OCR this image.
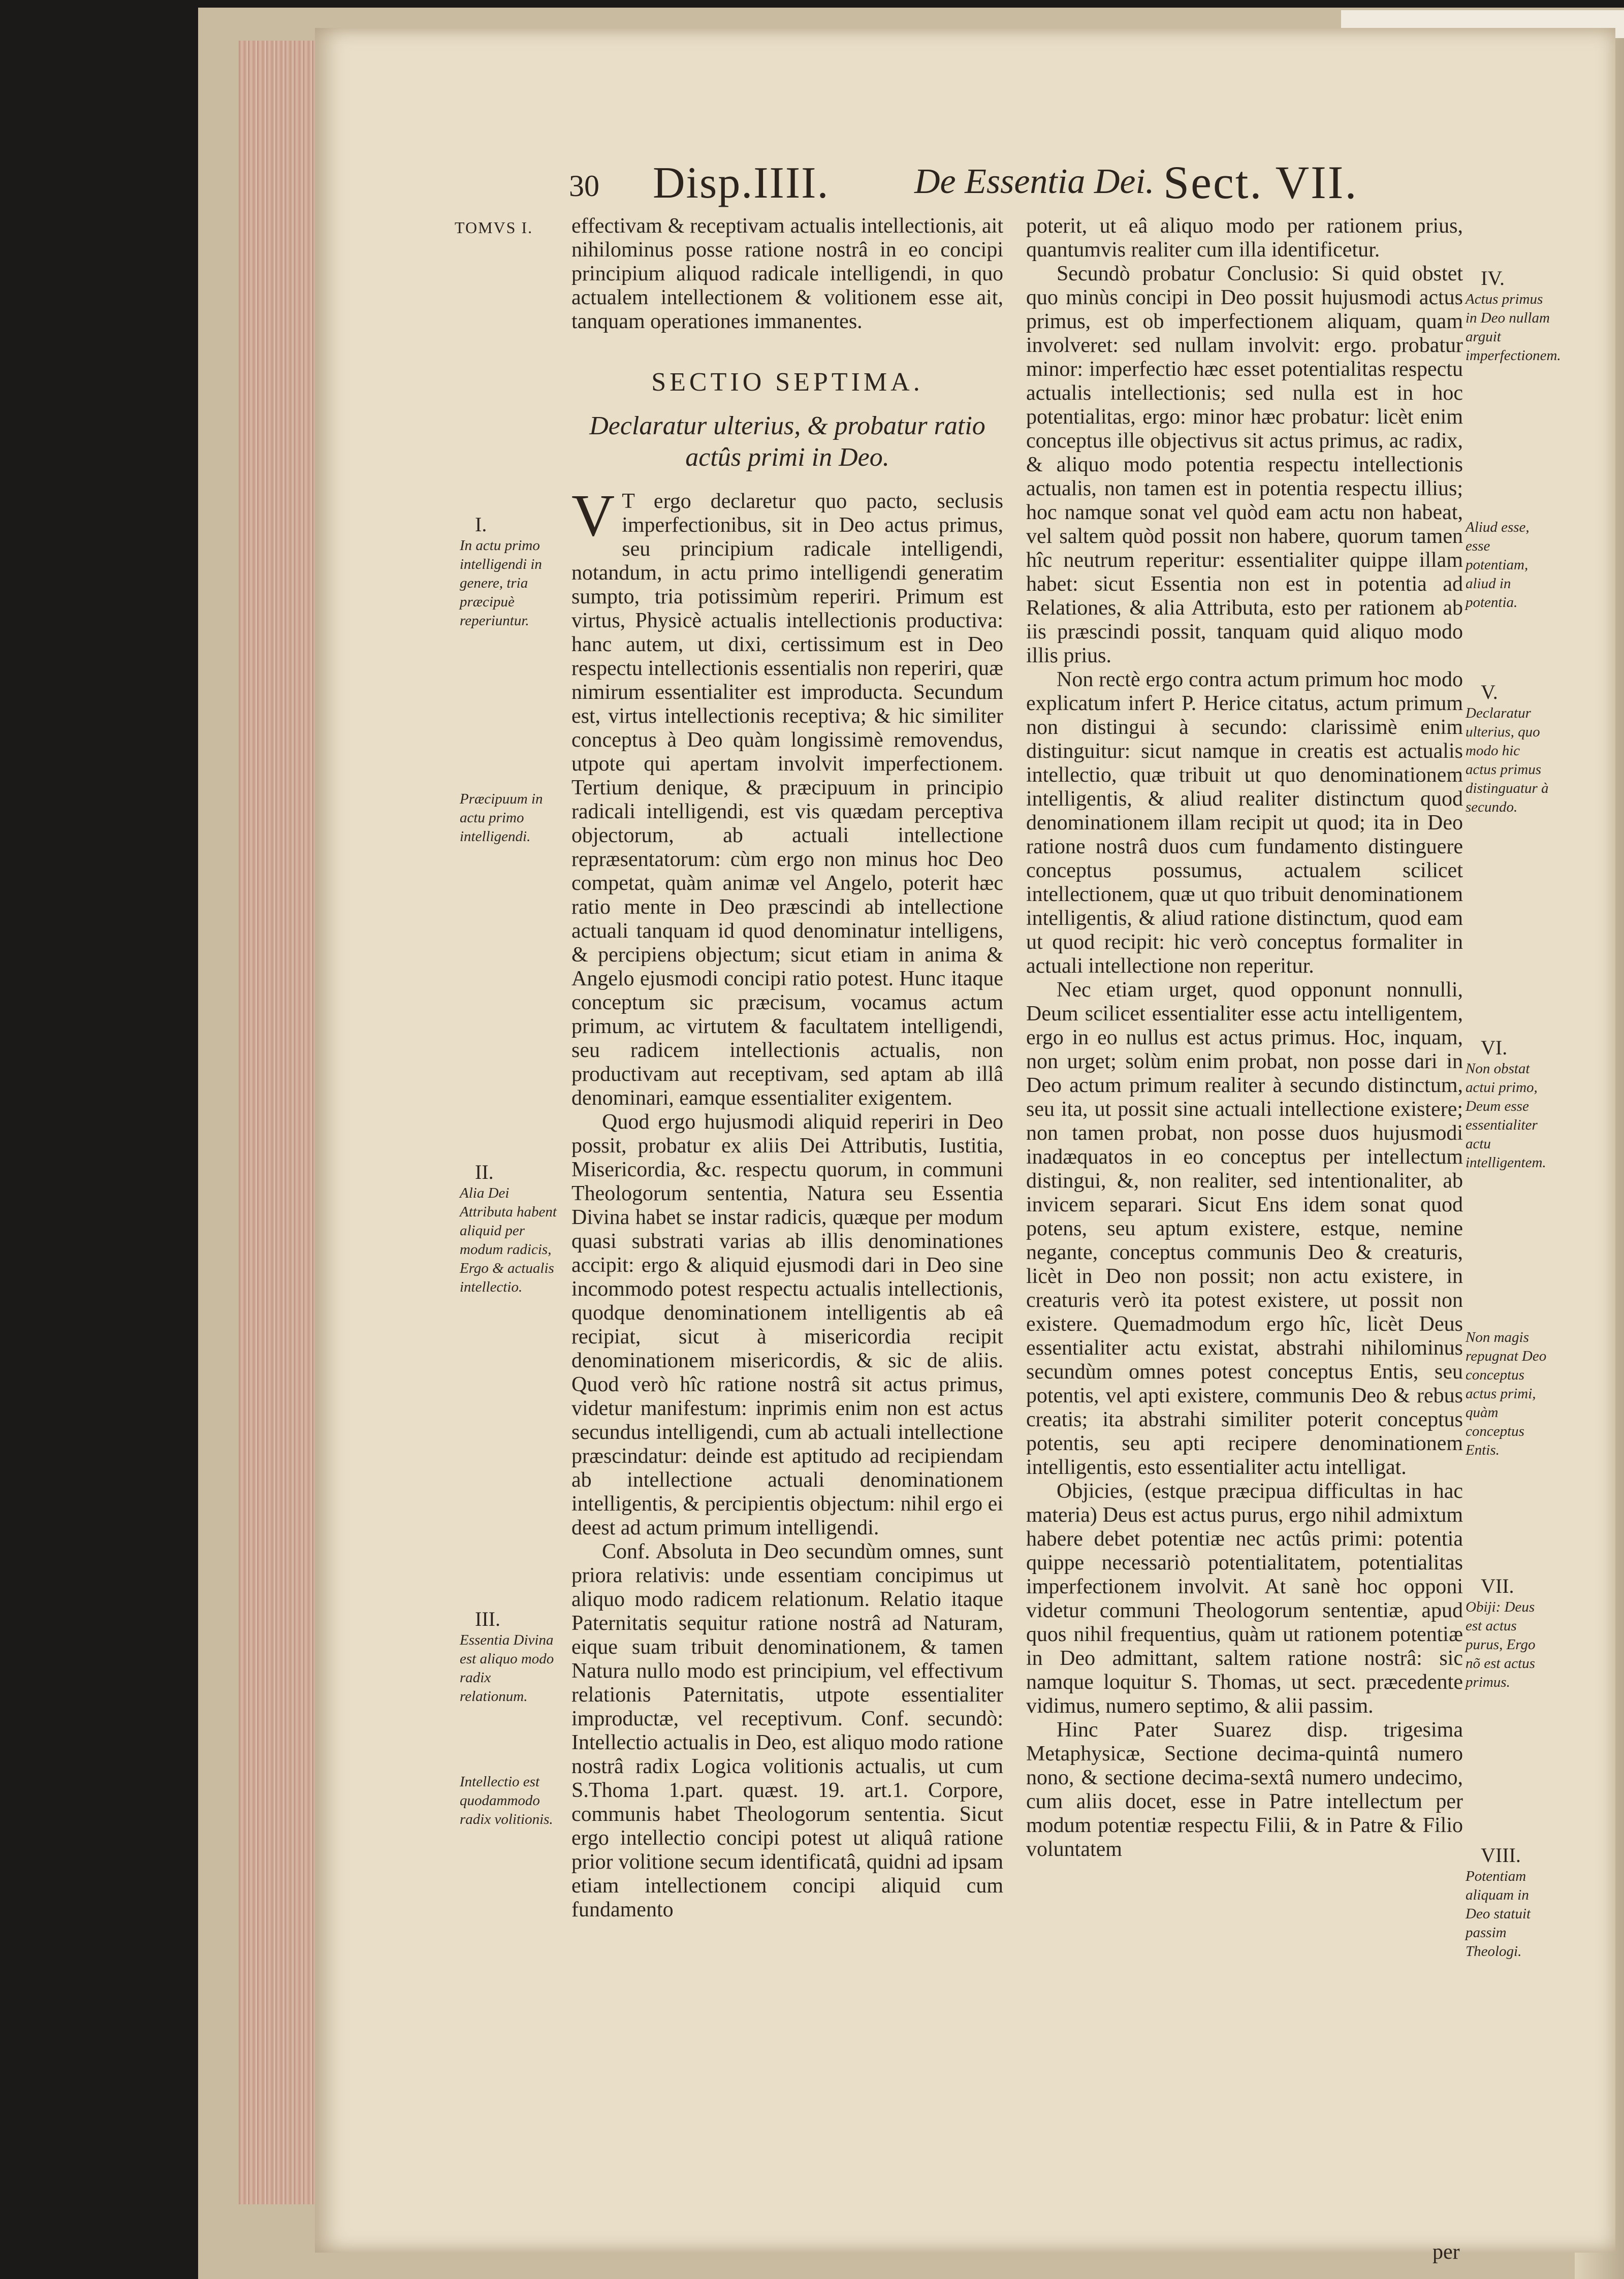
30 Disp.IIII. De Essentia Dei. Sect. VII.
TOMVS I. effectivam & receptivam actualis intellectionis, ait nihilominus posse ratione nostrâ in eo concipi principium aliquod radicale intelligendi, in quo actualem intellectionem & volitionem esse ait, tanquam operationes immanentes.

SECTIO SEPTIMA.
Declaratur ulterius, & probatur ratio actûs primi in Deo.

V T ergo declaretur quo pacto, seclusis imperfectionibus, sit in Deo actus primus, seu principium radicale intelligendi, notandum, in actu primo intelligendi generatim sumpto, tria potissimùm reperiri. Primum est virtus, Physicè actualis intellectionis productiva: hanc autem, ut dixi, certissimum est in Deo respectu intellectionis essentialis non reperiri, quæ nimirum essentialiter est improducta. Secundum est, virtus intellectionis receptiva; & hic similiter conceptus à Deo quàm longissimè removendus, utpote qui apertam involvit imperfectionem. Tertium denique, & præcipuum in principio radicali intelligendi, est vis quædam perceptiva objectorum, ab actuali intellectione repræsentatorum: cùm ergo non minus hoc Deo competat, quàm animæ vel Angelo, poterit hæc ratio mente in Deo præscindi ab intellectione actuali tanquam id quod denominatur intelligens, & percipiens objectum; sicut etiam in anima & Angelo ejusmodi concipi ratio potest. Hunc itaque conceptum sic præcisum, vocamus actum primum, ac virtutem & facultatem intelligendi, seu radicem intellectionis actualis, non productivam aut receptivam, sed aptam ab illâ denominari, eamque essentialiter exigentem.

Quod ergo hujusmodi aliquid reperiri in Deo possit, probatur ex aliis Dei Attributis, Iustitia, Misericordia, &c. respectu quorum, in communi Theologorum sententia, Natura seu Essentia Divina habet se instar radicis, quæque per modum quasi substrati varias ab illis denominationes accipit: ergo & aliquid ejusmodi dari in Deo sine incommodo potest respectu actualis intellectionis, quodque denominationem intelligentis ab eâ recipiat, sicut à misericordia recipit denominationem misericordis, & sic de aliis. Quod verò hîc ratione nostrâ sit actus primus, videtur manifestum: inprimis enim non est actus secundus intelligendi, cum ab actuali intellectione præscindatur: deinde est aptitudo ad recipiendam ab intellectione actuali denominationem intelligentis, & percipientis objectum: nihil ergo ei deest ad actum primum intelligendi.

Conf. Absoluta in Deo secundùm omnes, sunt priora relativis: unde essentiam concipimus ut aliquo modo radicem relationum. Relatio itaque Paternitatis sequitur ratione nostrâ ad Naturam, eique suam tribuit denominationem, & tamen Natura nullo modo est principium, vel effectivum relationis Paternitatis, utpote essentialiter improductæ, vel receptivum. Conf. secundò: Intellectio actualis in Deo, est aliquo modo ratione nostrâ radix Logica volitionis actualis, ut cum S.Thoma 1.part. quæst. 19. art.1. Corpore, communis habet Theologorum sententia. Sicut ergo intellectio concipi potest ut aliquâ ratione prior volitione secum identificatâ, quidni ad ipsam etiam intellectionem concipi aliquid cum fundamento

poterit, ut eâ aliquo modo per rationem prius, quantumvis realiter cum illa identificetur.

Secundò probatur Conclusio: Si quid obstet quo minùs concipi in Deo possit hujusmodi actus primus, est ob imperfectionem aliquam, quam involveret: sed nullam involvit: ergo. probatur minor: imperfectio hæc esset potentialitas respectu actualis intellectionis; sed nulla est in hoc potentialitas, ergo: minor hæc probatur: licèt enim conceptus ille objectivus sit actus primus, ac radix, & aliquo modo potentia respectu intellectionis actualis, non tamen est in potentia respectu illius; hoc namque sonat vel quòd eam actu non habeat, vel saltem quòd possit non habere, quorum tamen hîc neutrum reperitur: essentialiter quippe illam habet: sicut Essentia non est in potentia ad Relationes, & alia Attributa, esto per rationem ab iis præscindi possit, tanquam quid aliquo modo illis prius.

Non rectè ergo contra actum primum hoc modo explicatum infert P. Herice citatus, actum primum non distingui à secundo: clarissimè enim distinguitur: sicut namque in creatis est actualis intellectio, quæ tribuit ut quo denominationem intelligentis, & aliud realiter distinctum quod denominationem illam recipit ut quod; ita in Deo ratione nostrâ duos cum fundamento distinguere conceptus possumus, actualem scilicet intellectionem, quæ ut quo tribuit denominationem intelligentis, & aliud ratione distinctum, quod eam ut quod recipit: hic verò conceptus formaliter in actuali intellectione non reperitur.

Nec etiam urget, quod opponunt nonnulli, Deum scilicet essentialiter esse actu intelligentem, ergo in eo nullus est actus primus. Hoc, inquam, non urget; solùm enim probat, non posse dari in Deo actum primum realiter à secundo distinctum, seu ita, ut possit sine actuali intellectione existere; non tamen probat, non posse duos hujusmodi inadæquatos in eo conceptus per intellectum distingui, &, non realiter, sed intentionaliter, ab invicem separari. Sicut Ens idem sonat quod potens, seu aptum existere, estque, nemine negante, conceptus communis Deo & creaturis, licèt in Deo non possit; non actu existere, in creaturis verò ita potest existere, ut possit non existere. Quemadmodum ergo hîc, licèt Deus essentialiter actu existat, abstrahi nihilominus secundùm omnes potest conceptus Entis, seu potentis, vel apti existere, communis Deo & rebus creatis; ita abstrahi similiter poterit conceptus potentis, seu apti recipere denominationem intelligentis, esto essentialiter actu intelligat.

Objicies, (estque præcipua difficultas in hac materia) Deus est actus purus, ergo nihil admixtum habere debet potentiæ nec actûs primi: potentia quippe necessariò potentialitatem, potentialitas imperfectionem involvit. At sanè hoc opponi videtur communi Theologorum sententiæ, apud quos nihil frequentius, quàm ut rationem potentiæ in Deo admittant, saltem ratione nostrâ: sic namque loquitur S. Thomas, ut sect. præcedente vidimus, numero septimo, & alii passim.

Hinc Pater Suarez disp. trigesima Metaphysicæ, Sectione decima-quintâ numero nono, & sectione decima-sextâ numero undecimo, cum aliis docet, esse in Patre intellectum per modum potentiæ respectu Filii, & in Patre & Filio voluntatem

per
I.
In actu primo intelligendi in genere, tria præcipuè reperiuntur.
Præcipuum in actu primo intelligendi.
II.
Alia Dei Attributa habent aliquid per modum radicis, Ergo & actualis intellectio.
III.
Essentia Divina est aliquo modo radix relationum.
Intellectio est quodammodo radix volitionis.
IV.
Actus primus in Deo nullam arguit imperfectionem.
Aliud esse, esse potentiam, aliud in potentia.
V.
Declaratur ulterius, quo modo hic actus primus distinguatur à secundo.
VI.
Non obstat actui primo, Deum esse essentialiter actu intelligentem.
Non magis repugnat Deo conceptus actus primi, quàm conceptus Entis.
VII.
Obiji: Deus est actus purus, Ergo nõ est actus primus.
VIII.
Potentiam aliquam in Deo statuit passim Theologi.
